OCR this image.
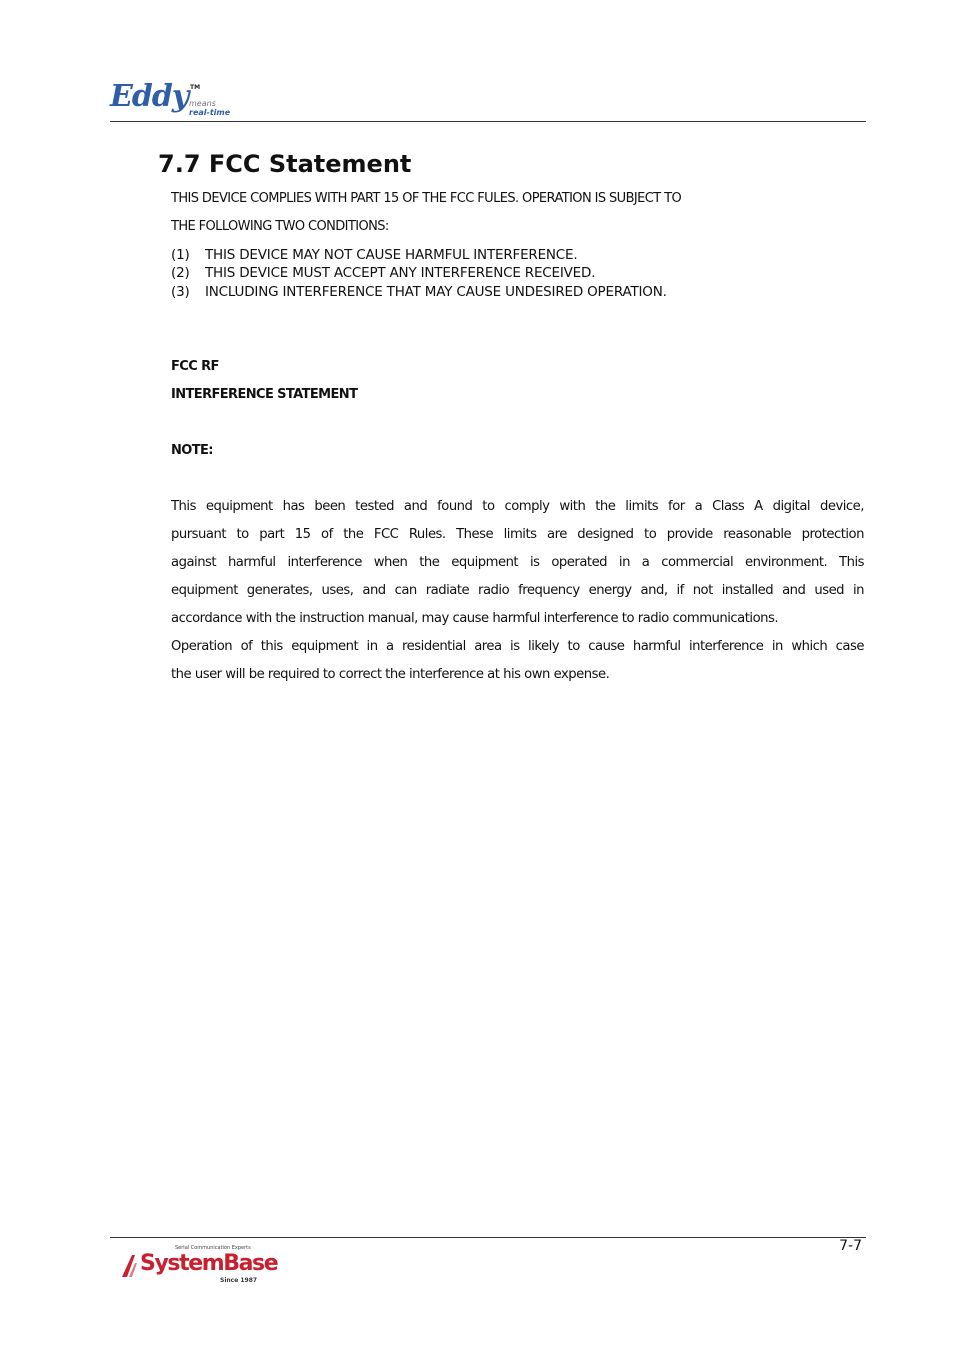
Eddy TM
means
real-time
7.7 FCC Statement
THIS DEVICE COMPLIES WITH PART 15 OF THE FCC FULES. OPERATION IS SUBJECT TO
THE FOLLOWING TWO CONDITIONS:
(1) THIS DEVICE MAY NOT CAUSE HARMFUL INTERFERENCE.
(2) THIS DEVICE MUST ACCEPT ANY INTERFERENCE RECEIVED.
(3) INCLUDING INTERFERENCE THAT MAY CAUSE UNDESIRED OPERATION.
FCC RF
INTERFERENCE STATEMENT
NOTE:
This equipment has been tested and found to comply with the limits for a Class A digital device,
pursuant to part 15 of the FCC Rules. These limits are designed to provide reasonable protection
against harmful interference when the equipment is operated in a commercial environment. This
equipment generates, uses, and can radiate radio frequency energy and, if not installed and used in
accordance with the instruction manual, may cause harmful interference to radio communications.
Operation of this equipment in a residential area is likely to cause harmful interference in which case
the user will be required to correct the interference at his own expense.
7-7
Serial Communication Experts
SystemBase
Since 1987
